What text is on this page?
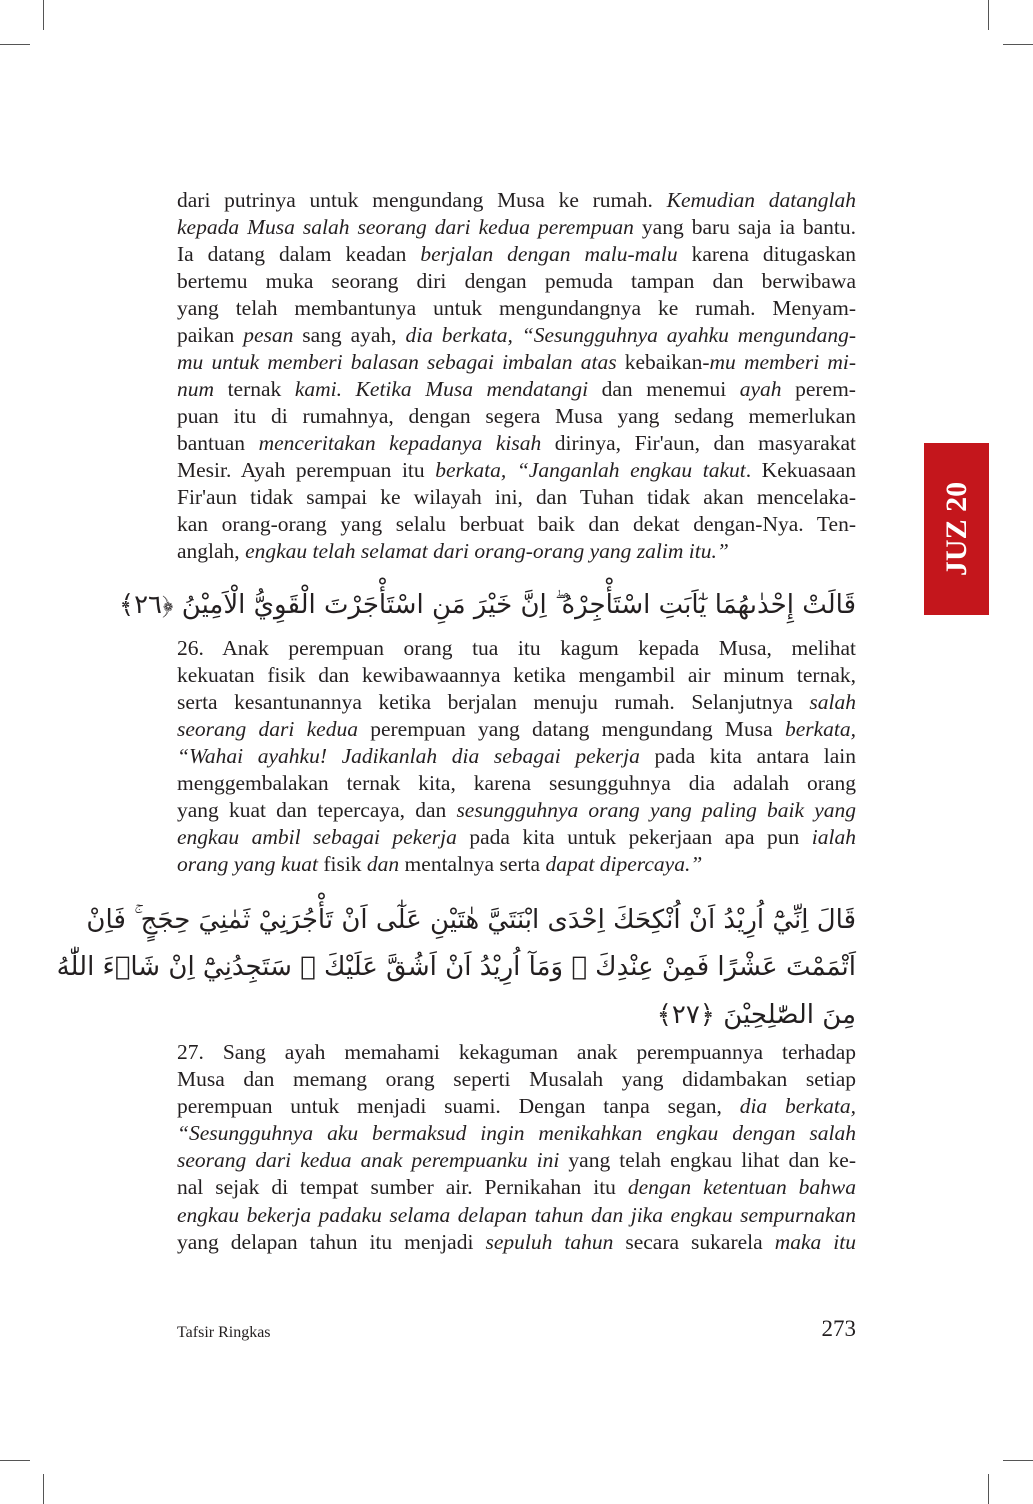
dari putrinya untuk mengundang Musa ke rumah. Kemudian datanglah
kepada Musa salah seorang dari kedua perempuan yang baru saja ia bantu.
Ia datang dalam keadan berjalan dengan malu-malu karena ditugaskan
bertemu muka seorang diri dengan pemuda tampan dan berwibawa
yang telah membantunya untuk mengundangnya ke rumah. Menyam-
paikan pesan sang ayah, dia berkata, “Sesungguhnya ayahku mengundang-
mu untuk memberi balasan sebagai imbalan atas kebaikan-mu memberi mi-
num ternak kami. Ketika Musa mendatangi dan menemui ayah perem-
puan itu di rumahnya, dengan segera Musa yang sedang memerlukan
bantuan menceritakan kepadanya kisah dirinya, Fir'aun, dan masyarakat
Mesir. Ayah perempuan itu berkata, “Janganlah engkau takut. Kekuasaan
Fir'aun tidak sampai ke wilayah ini, dan Tuhan tidak akan mencelaka-
kan orang-orang yang selalu berbuat baik dan dekat dengan-Nya. Ten-
anglah, engkau telah selamat dari orang-orang yang zalim itu.”
قَالَتْ إِحْدٰىهُمَا يٰٓاَبَتِ اسْتَأْجِرْهُ ۖ اِنَّ خَيْرَ مَنِ اسْتَأْجَرْتَ الْقَوِيُّ الْاَمِيْنُ ﴿٢٦﴾
26. Anak perempuan orang tua itu kagum kepada Musa, melihat
kekuatan fisik dan kewibawaannya ketika mengambil air minum ternak,
serta kesantunannya ketika berjalan menuju rumah. Selanjutnya salah
seorang dari kedua perempuan yang datang mengundang Musa berkata,
“Wahai ayahku! Jadikanlah dia sebagai pekerja pada kita antara lain
menggembalakan ternak kita, karena sesungguhnya dia adalah orang
yang kuat dan tepercaya, dan sesungguhnya orang yang paling baik yang
engkau ambil sebagai pekerja pada kita untuk pekerjaan apa pun ialah
orang yang kuat fisik dan mentalnya serta dapat dipercaya.”
قَالَ اِنِّيْٓ اُرِيْدُ اَنْ اُنْكِحَكَ اِحْدَى ابْنَتَيَّ هٰتَيْنِ عَلٰٓى اَنْ تَأْجُرَنِيْ ثَمٰنِيَ حِجَجٍ ۚ فَاِنْ
اَتْمَمْتَ عَشْرًا فَمِنْ عِنْدِكَ ۚ وَمَآ اُرِيْدُ اَنْ اَشُقَّ عَلَيْكَ ۗ سَتَجِدُنِيْٓ اِنْ شَاۤءَ اللّٰهُ
مِنَ الصّٰلِحِيْنَ ﴿٢٧﴾
27. Sang ayah memahami kekaguman anak perempuannya terhadap
Musa dan memang orang seperti Musalah yang didambakan setiap
perempuan untuk menjadi suami. Dengan tanpa segan, dia berkata,
“Sesungguhnya aku bermaksud ingin menikahkan engkau dengan salah
seorang dari kedua anak perempuanku ini yang telah engkau lihat dan ke-
nal sejak di tempat sumber air. Pernikahan itu dengan ketentuan bahwa
engkau bekerja padaku selama delapan tahun dan jika engkau sempurnakan
yang delapan tahun itu menjadi sepuluh tahun secara sukarela maka itu
JUZ 20
Tafsir Ringkas	273
